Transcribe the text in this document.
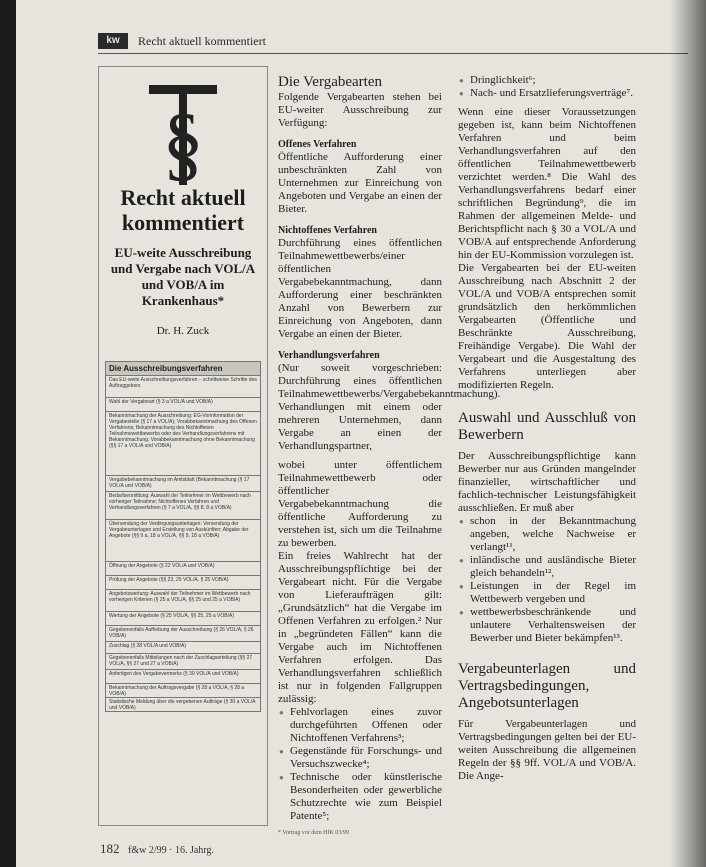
kw	Recht aktuell kommentiert
§
Recht aktuell kommentiert
EU-weite Ausschreibung und Vergabe nach VOL/A und VOB/A im Krankenhaus*
Dr. H. Zuck
Die Ausschreibungsverfahren
Das EU-weite Ausschreibungsverfahren – schrittweise Schritte des Auftraggebers
Wahl der Vergabeart (§ 3 a VOL/A und VOB/A)
Bekanntmachung der Ausschreibung: EG-Vorinformation der Vergabestelle (§ 17 a VOL/A); Vorabbekanntmachung des Offenen Verfahrens; Bekanntmachung des Nichtoffenen Teilnahmewettbewerbs oder des Verhandlungsverfahrens mit Bekanntmachung; Vorabbekanntmachung ohne Bekanntmachung (§§ 17 a VOL/A und VOB/A)
Vergabebekanntmachung im Amtsblatt (Bekanntmachung (§ 17 VOL/A und VOB/A)
Bedarfsermittlung: Auswahl der Teilnehmer im Wettbewerb nach vorheriger Teilnahme; Nichtoffenes Verfahren und Verhandlungsverfahren (§ 7 a VOL/A, §§ 8, 8 a VOB/A)
Übersendung der Verdingungsunterlagen: Versendung der Vergabeunterlagen und Erstellung von Auskünften; Abgabe der Angebote (§§ 9 a, 18 a VOL/A, §§ 9, 18 a VOB/A)
Öffnung der Angebote (§ 22 VOL/A und VOB/A)
Prüfung der Angebote (§§ 23, 25 VOL/A, § 25 VOB/A)
Angebotswertung: Auswahl der Teilnehmer im Wettbewerb nach vorherigen Kriterien (§ 25 a VOL/A, §§ 25 und 25 a VOB/A)
Wertung der Angebote (§ 25 VOL/A, §§ 25, 25 a VOB/A)
Gegebenenfalls Aufhebung der Ausschreibung (§ 26 VOL/A, § 26 VOB/A)
Zuschlag (§ 28 VOL/A und VOB/A)
Gegebenenfalls Mitteilungen nach der Zuschlagserteilung (§§ 27 VOL/A, §§ 27 und 27 a VOB/A)
Anfertigen des Vergabevermerks (§ 30 VOL/A und VOB/A)
Bekanntmachung der Auftragsvergabe (§ 28 a VOL/A, § 28 a VOB/A)
Statistische Meldung über die vergebenen Aufträge (§ 30 a VOL/A und VOB/A)
Die Vergabearten

Folgende Vergabearten stehen bei EU-weiter Ausschreibung zur Verfügung:

Offenes Verfahren

Öffentliche Aufforderung einer unbeschränkten Zahl von Unternehmen zur Einreichung von Angeboten und Vergabe an einen der Bieter.

Nichtoffenes Verfahren

Durchführung eines öffentlichen Teilnahmewettbewerbs/einer öffentlichen Vergabebekanntmachung, dann Aufforderung einer beschränkten Anzahl von Bewerbern zur Einreichung von Angeboten, dann Vergabe an einen der Bieter.

Verhandlungsverfahren

(Nur soweit vorgeschrieben: Durchführung eines öffentlichen Teilnahmewettbewerbs/Vergabebekanntmachung). Verhandlungen mit einem oder mehreren Unternehmen, dann Vergabe an einen der Verhandlungspartner,

wobei unter öffentlichem Teilnahmewettbewerb oder öffentlicher Vergabebekanntmachung die öffentliche Aufforderung zu verstehen ist, sich um die Teilnahme zu bewerben.

Ein freies Wahlrecht hat der Ausschreibungspflichtige bei der Vergabeart nicht. Für die Vergabe von Lieferaufträgen gilt: „Grundsätzlich“ hat die Vergabe im Offenen Verfahren zu erfolgen.² Nur in „begründeten Fällen“ kann die Vergabe auch im Nichtoffenen Verfahren erfolgen. Das Verhandlungsverfahren schließlich ist nur in folgenden Fallgruppen zulässig:

● Fehlvorlagen eines zuvor durchgeführten Offenen oder Nichtoffenen Verfahrens³;
● Gegenstände für Forschungs- und Versuchszwecke⁴;
● Technische oder künstlerische Besonderheiten oder gewerbliche Schutzrechte wie zum Beispiel Patente⁵;

* Vortrag vor dem HfK 03/99

● Dringlichkeit⁶;
● Nach- und Ersatzlieferungsverträge⁷.

Wenn eine dieser Voraussetzungen gegeben ist, kann beim Nichtoffenen Verfahren und beim Verhandlungsverfahren auf den öffentlichen Teilnahmewettbewerb verzichtet werden.⁸ Die Wahl des Verhandlungsverfahrens bedarf einer schriftlichen Begründung⁹, die im Rahmen der allgemeinen Melde- und Berichtspflicht nach § 30 a VOL/A und VOB/A auf entsprechende Anforderung hin der EU-Kommission vorzulegen ist.

Die Vergabearten bei der EU-weiten Ausschreibung nach Abschnitt 2 der VOL/A und VOB/A entsprechen somit grundsätzlich den herkömmlichen Vergabearten (Öffentliche und Beschränkte Ausschreibung, Freihändige Vergabe). Die Wahl der Vergabeart und die Ausgestaltung des Verfahrens unterliegen aber modifizierten Regeln.

Auswahl und Ausschluß von Bewerbern

Der Ausschreibungspflichtige kann Bewerber nur aus Gründen mangelnder finanzieller, wirtschaftlicher und fachlich-technischer Leistungsfähigkeit ausschließen. Er muß aber

● schon in der Bekanntmachung angeben, welche Nachweise er verlangt¹¹,
● inländische und ausländische Bieter gleich behandeln¹²,
● Leistungen in der Regel im Wettbewerb vergeben und
● wettbewerbsbeschränkende und unlautere Verhaltensweisen der Bewerber und Bieter bekämpfen¹³.
Vergabeunterlagen und Vertragsbedingungen, Angebotsunterlagen

Für Vergabeunterlagen und Vertragsbedingungen gelten bei der EU-weiten Ausschreibung die allgemeinen Regeln der §§ 9ff. VOL/A und VOB/A. Die Ange-

182 f&w 2/99 · 16. Jahrg.
